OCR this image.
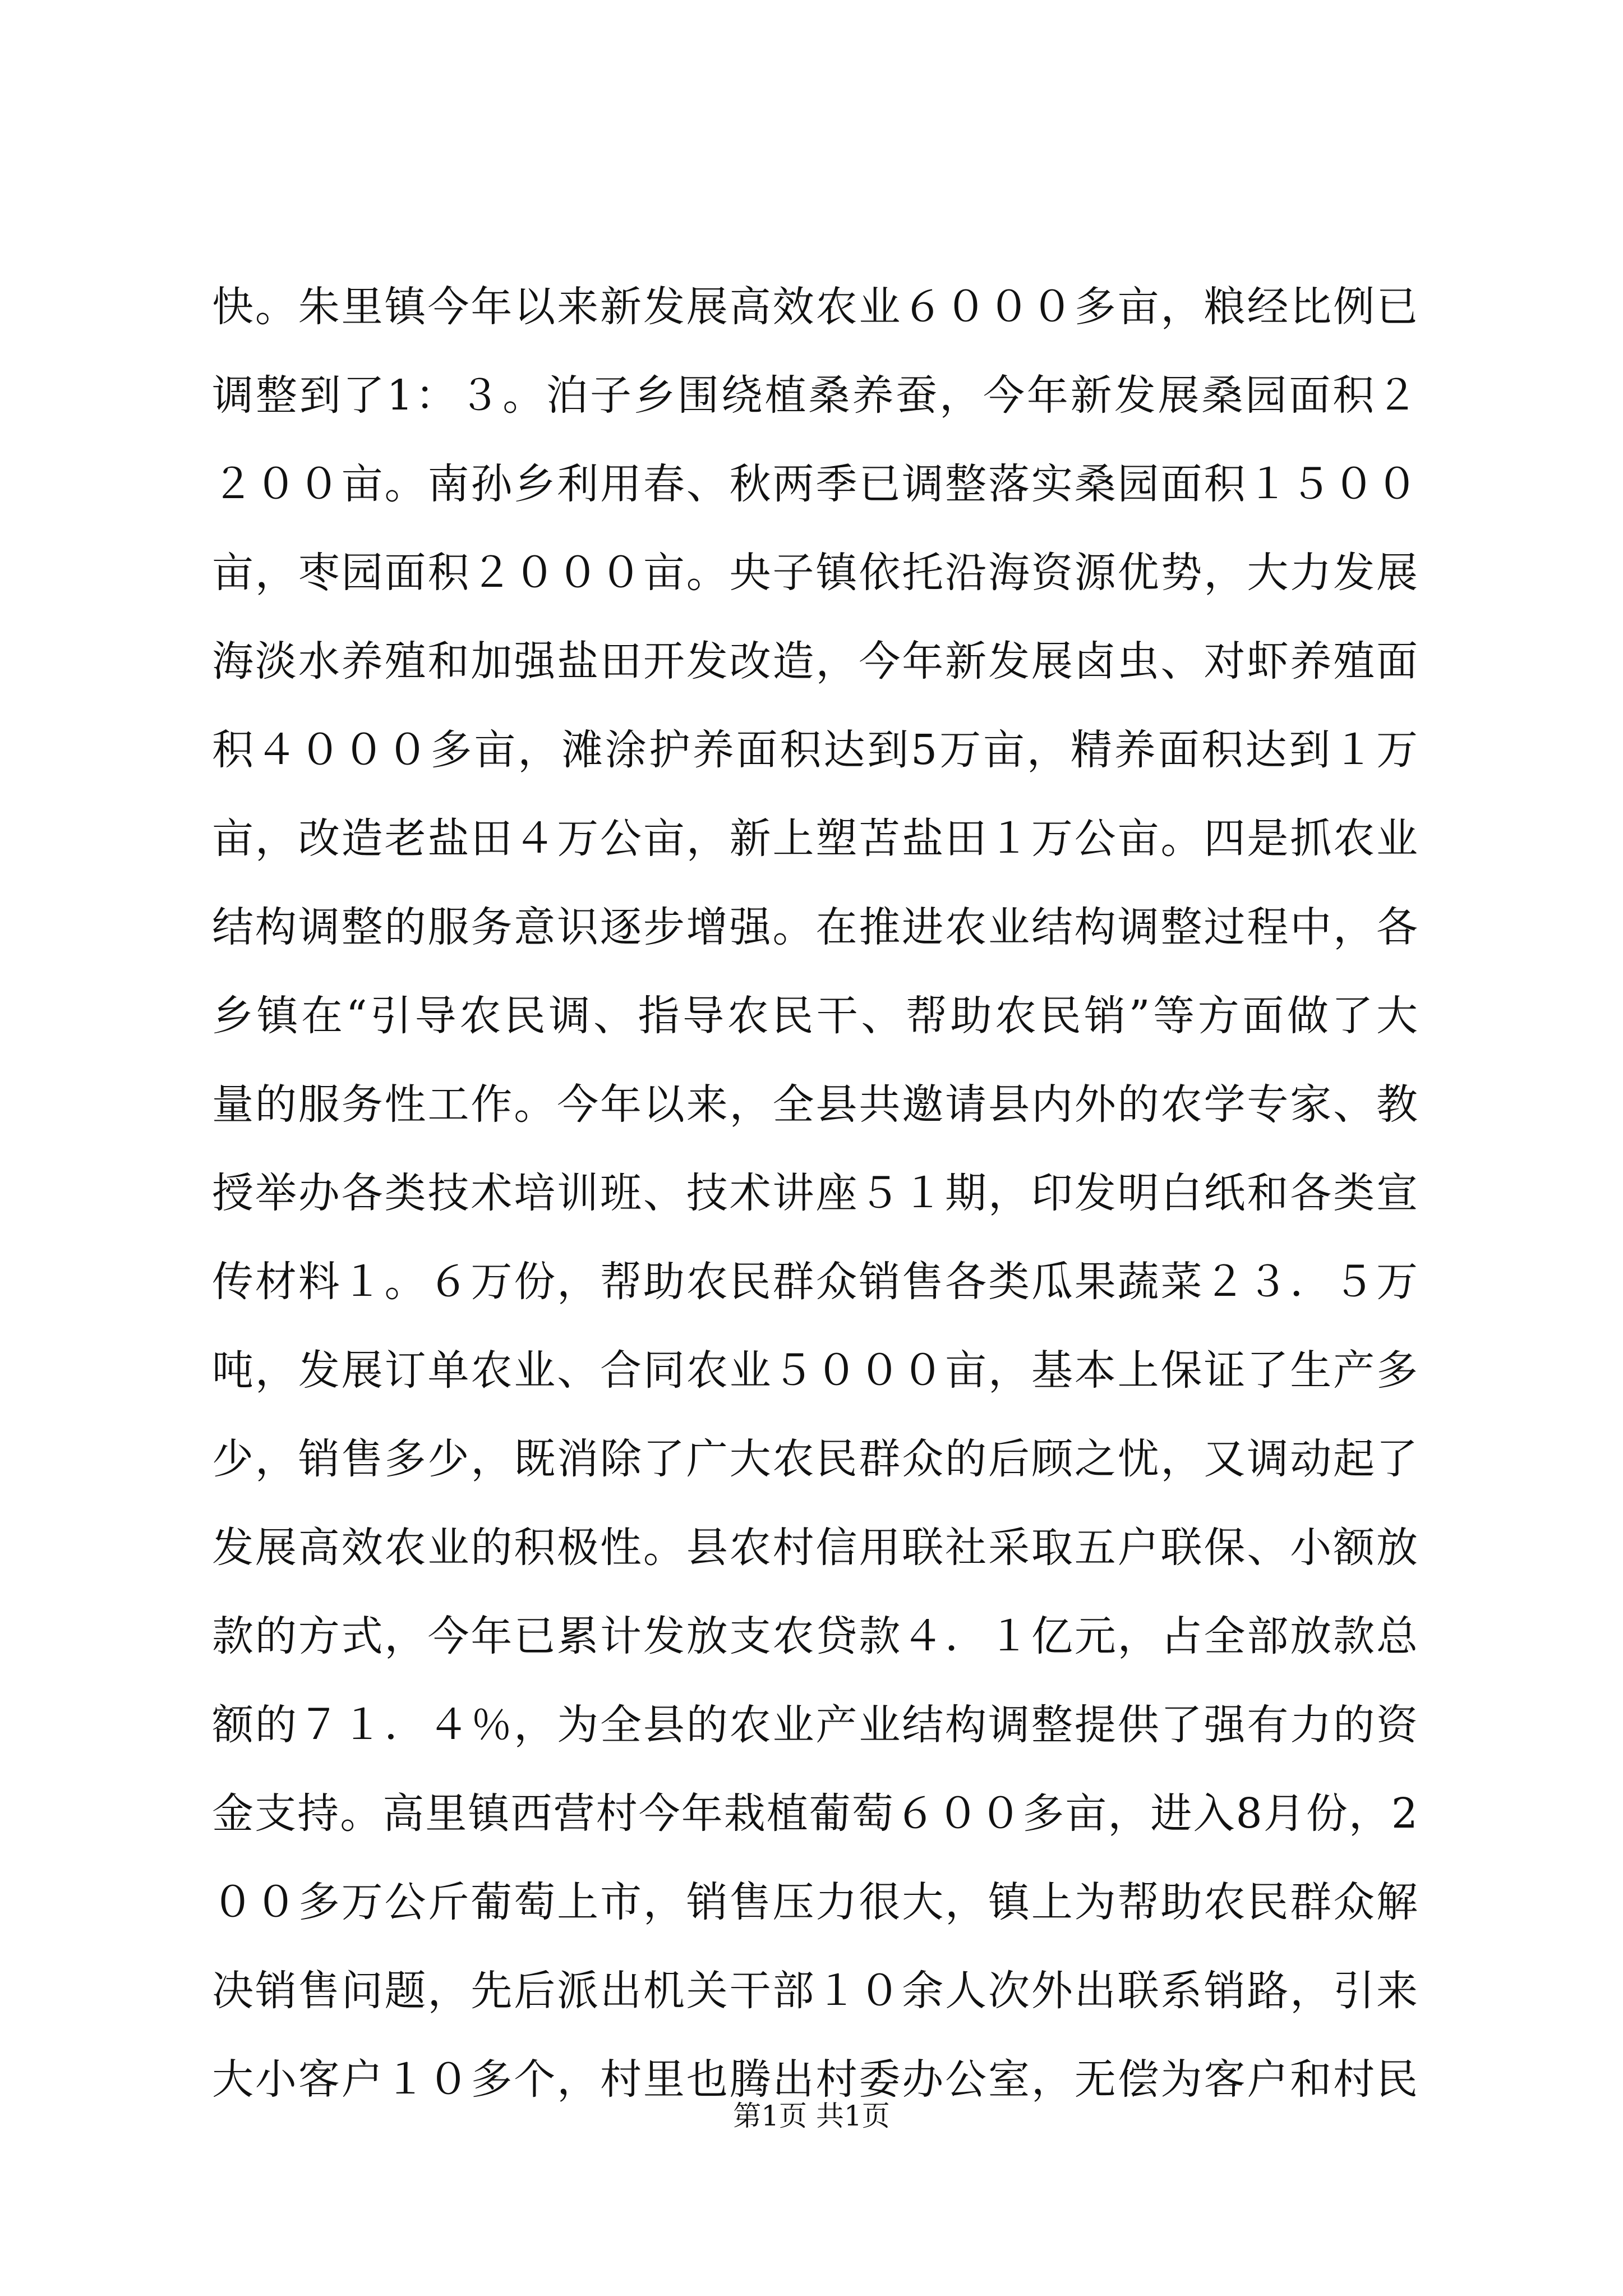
快。朱里镇今年以来新发展高效农业６０００多亩，粮经比例已
调整到了1：３。泊子乡围绕植桑养蚕，今年新发展桑园面积２
２００亩。南孙乡利用春、秋两季已调整落实桑园面积１５００
亩，枣园面积２０００亩。央子镇依托沿海资源优势，大力发展
海淡水养殖和加强盐田开发改造，今年新发展卤虫、对虾养殖面
积４０００多亩，滩涂护养面积达到5万亩，精养面积达到１万
亩，改造老盐田４万公亩，新上塑苫盐田１万公亩。四是抓农业
结构调整的服务意识逐步增强。在推进农业结构调整过程中，各
乡镇在“引导农民调、指导农民干、帮助农民销”等方面做了大
量的服务性工作。今年以来，全县共邀请县内外的农学专家、教
授举办各类技术培训班、技术讲座５１期，印发明白纸和各类宣
传材料１。６万份，帮助农民群众销售各类瓜果蔬菜２３．５万
吨，发展订单农业、合同农业５０００亩，基本上保证了生产多
少，销售多少，既消除了广大农民群众的后顾之忧，又调动起了
发展高效农业的积极性。县农村信用联社采取五户联保、小额放
款的方式，今年已累计发放支农贷款４．１亿元，占全部放款总
额的７１．４％，为全县的农业产业结构调整提供了强有力的资
金支持。高里镇西营村今年栽植葡萄６００多亩，进入8月份，2
００多万公斤葡萄上市，销售压力很大，镇上为帮助农民群众解
决销售问题，先后派出机关干部１０余人次外出联系销路，引来
大小客户１０多个，村里也腾出村委办公室，无偿为客户和村民
第1页 共1页
